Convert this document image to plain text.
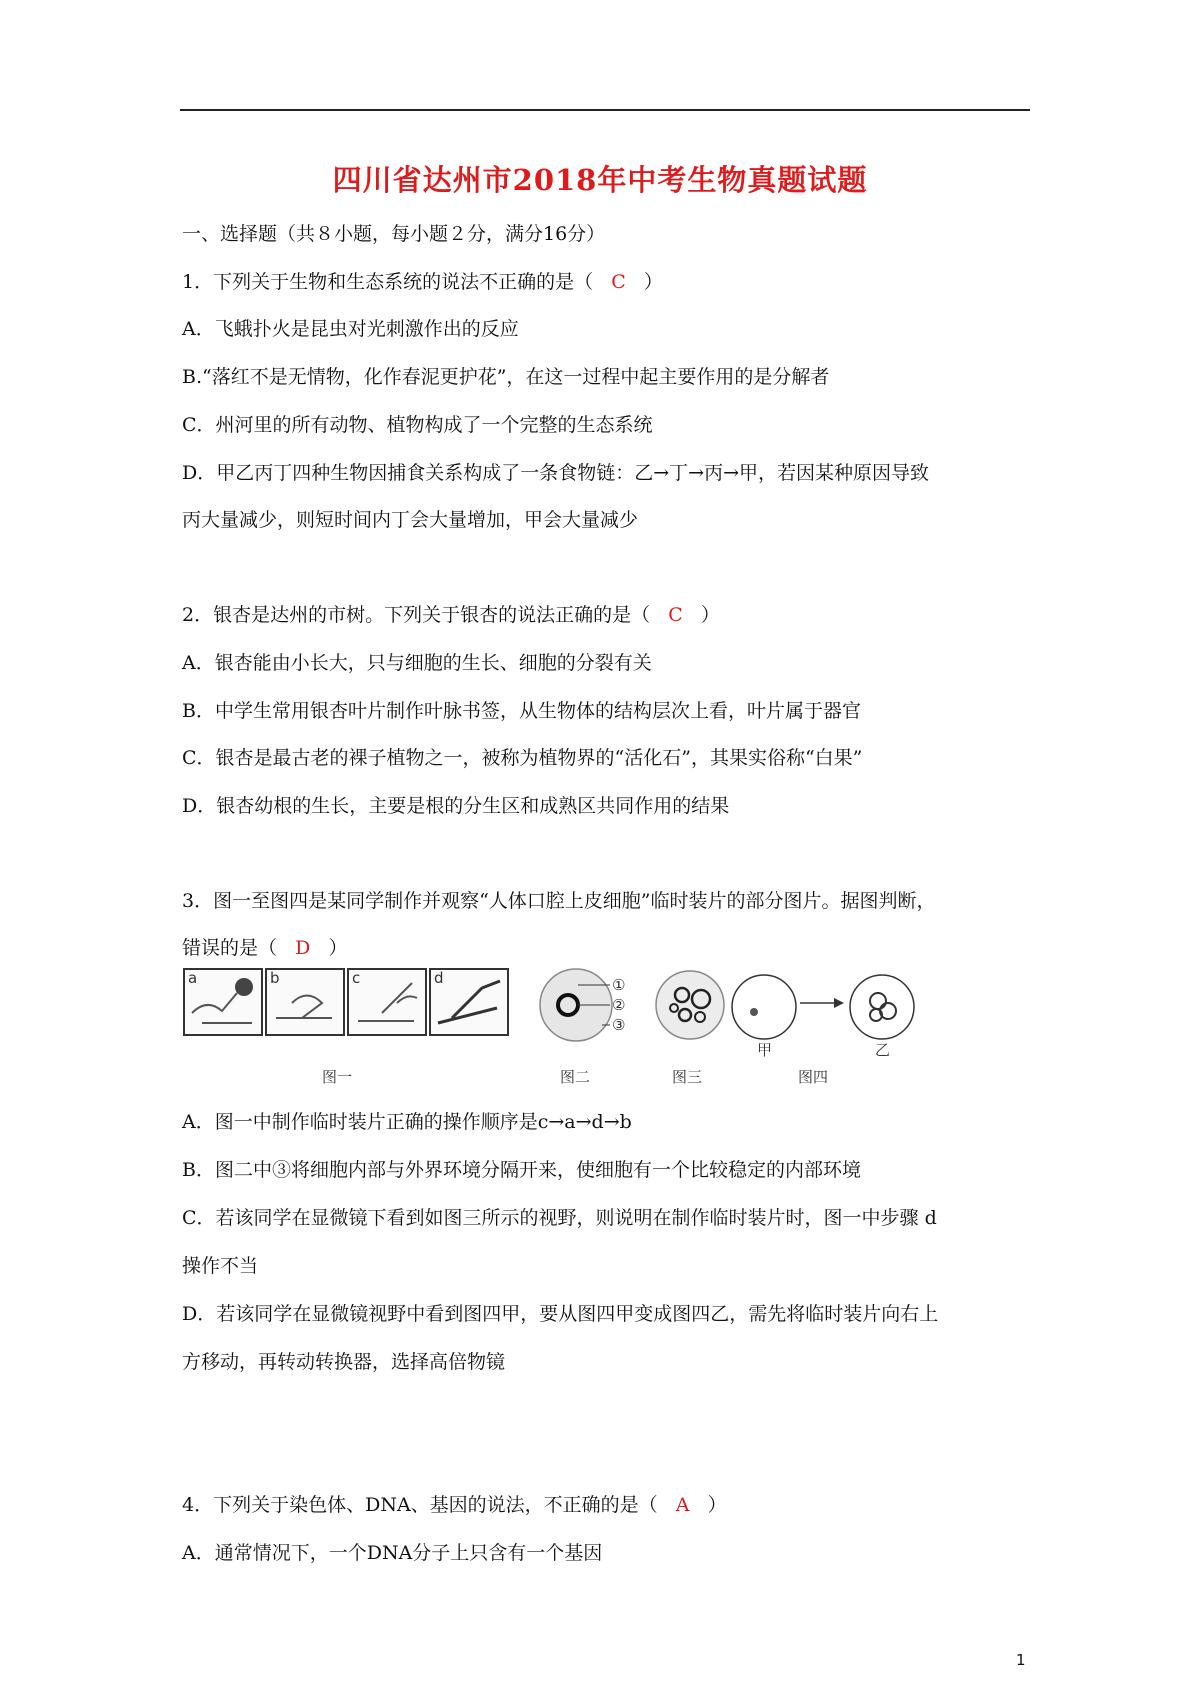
四川省达州市2018年中考生物真题试题
一、选择题（共８小题，每小题２分，满分16分）
1．下列关于生物和生态系统的说法不正确的是（ C ）
A．飞蛾扑火是昆虫对光刺激作出的反应
B.“落红不是无情物，化作春泥更护花”，在这一过程中起主要作用的是分解者
C．州河里的所有动物、植物构成了一个完整的生态系统
D．甲乙丙丁四种生物因捕食关系构成了一条食物链：乙→丁→丙→甲，若因某种原因导致
丙大量减少，则短时间内丁会大量增加，甲会大量减少
2．银杏是达州的市树。下列关于银杏的说法正确的是（ C ）
A．银杏能由小长大，只与细胞的生长、细胞的分裂有关
B．中学生常用银杏叶片制作叶脉书签，从生物体的结构层次上看，叶片属于器官
C．银杏是最古老的裸子植物之一，被称为植物界的“活化石”，其果实俗称“白果”
D．银杏幼根的生长，主要是根的分生区和成熟区共同作用的结果
3．图一至图四是某同学制作并观察“人体口腔上皮细胞”临时装片的部分图片。据图判断，
错误的是（ D ）
a	b	c	d
图一
①
②
③
图二	图三
甲	乙
图四
A．图一中制作临时装片正确的操作顺序是c→a→d→b
B．图二中③将细胞内部与外界环境分隔开来，使细胞有一个比较稳定的内部环境
C．若该同学在显微镜下看到如图三所示的视野，则说明在制作临时装片时，图一中步骤 d
操作不当
D．若该同学在显微镜视野中看到图四甲，要从图四甲变成图四乙，需先将临时装片向右上
方移动，再转动转换器，选择高倍物镜
4．下列关于染色体、DNA、基因的说法，不正确的是（ A ）
A．通常情况下，一个DNA分子上只含有一个基因
1
